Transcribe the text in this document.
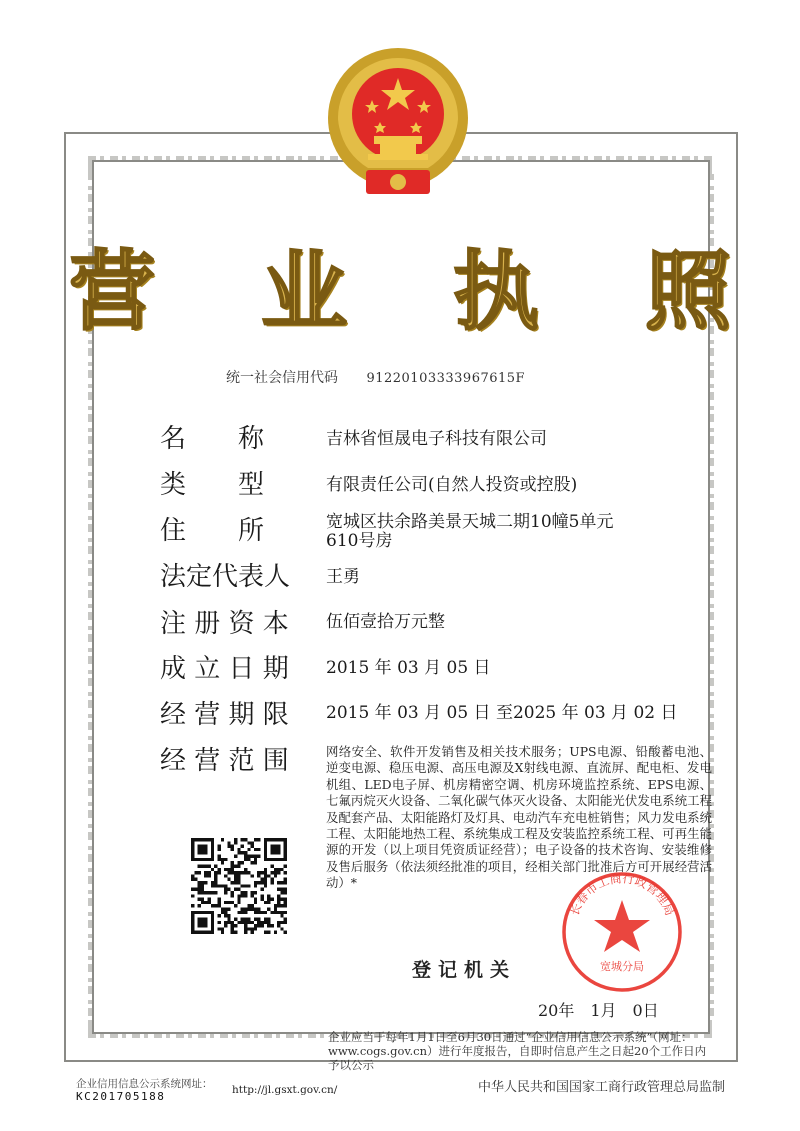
营 业 执 照
统一社会信用代码 91220103333967615F
名　　称	吉林省恒晟电子科技有限公司
类　　型	有限责任公司(自然人投资或控股)
住　　所	宽城区扶余路美景天城二期10幢5单元
610号房
法定代表人 王勇
注 册 资 本 伍佰壹拾万元整
成 立 日 期 2015 年 03 月 05 日
经 营 期 限 2015 年 03 月 05 日 至2025 年 03 月 02 日
经 营 范 围	网络安全、软件开发销售及相关技术服务；UPS电源、铅酸蓄电池、逆变电源、稳压电源、高压电源及X射线电源、直流屏、配电柜、发电机组、LED电子屏、机房精密空调、机房环境监控系统、EPS电源、七氟丙烷灭火设备、二氧化碳气体灭火设备、太阳能光伏发电系统工程及配套产品、太阳能路灯及灯具、电动汽车充电桩销售；风力发电系统工程、太阳能地热工程、系统集成工程及安装监控系统工程、可再生能源的开发（以上项目凭资质证经营）；电子设备的技术咨询、安装维修及售后服务（依法须经批准的项目，经相关部门批准后方可开展经营活动）*
登记机关
20年　1月　0日
长春市工商行政管理局
宽城分局
企业应当于每年1月1日至6月30日通过“企业信用信息公示系统”（网址：www.cogs.gov.cn）进行年度报告，自即时信息产生之日起20个工作日内予以公示
企业信用信息公示系统网址：
KC201705188	http://jl.gsxt.gov.cn/	中华人民共和国国家工商行政管理总局监制
